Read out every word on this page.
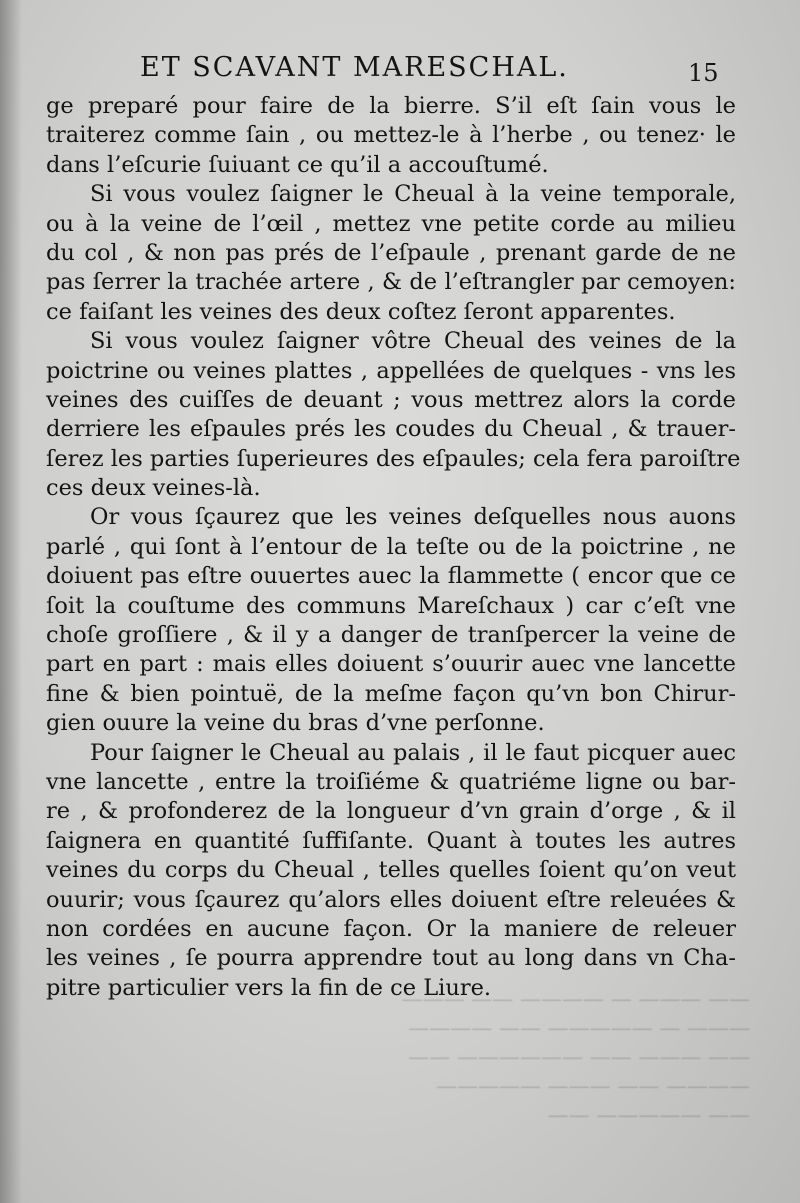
ET SCAVANT MARESCHAL.	15
ge preparé pour faire de la bierre. S’il eſt ſain vous le
traiterez comme ſain , ou mettez-le à l’herbe , ou tenez· le
dans l’eſcurie ſuiuant ce qu’il a accouſtumé.
Si vous voulez ſaigner le Cheual à la veine temporale,
ou à la veine de l’œil , mettez vne petite corde au milieu
du col , & non pas prés de l’eſpaule , prenant garde de ne
pas ſerrer la trachée artere , & de l’eſtrangler par cemoyen:
ce faiſant les veines des deux coſtez ſeront apparentes.
Si vous voulez ſaigner vôtre Cheual des veines de la
poictrine ou veines plattes , appellées de quelques - vns les
veines des cuiſſes de deuant ; vous mettrez alors la corde
derriere les eſpaules prés les coudes du Cheual , & trauer-
ſerez les parties ſuperieures des eſpaules; cela fera paroiſtre
ces deux veines-là.
Or vous ſçaurez que les veines deſquelles nous auons
parlé , qui ſont à l’entour de la teſte ou de la poictrine , ne
doiuent pas eſtre ouuertes auec la flammette ( encor que ce
ſoit la couſtume des communs Mareſchaux ) car c’eſt vne
choſe groſſiere , & il y a danger de tranſpercer la veine de
part en part : mais elles doiuent s’ouurir auec vne lancette
fine & bien pointuë, de la meſme façon qu’vn bon Chirur-
gien ouure la veine du bras d’vne perſonne.
Pour ſaigner le Cheual au palais , il le faut picquer auec
vne lancette , entre la troiſiéme & quatriéme ligne ou bar-
re , & profonderez de la longueur d’vn grain d’orge , & il
ſaignera en quantité ſuffiſante. Quant à toutes les autres
veines du corps du Cheual , telles quelles ſoient qu’on veut
ouurir; vous ſçaurez qu’alors elles doiuent eſtre releuées &
non cordées en aucune façon. Or la maniere de releuer
les veines , ſe pourra apprendre tout au long dans vn Cha-
pitre particulier vers la fin de ce Liure.
​—— ——— — ———— —— ———
——— — ————— —— ————
—— ——— —— —————— ——
———— —— ——— —————
—— ————— ——
